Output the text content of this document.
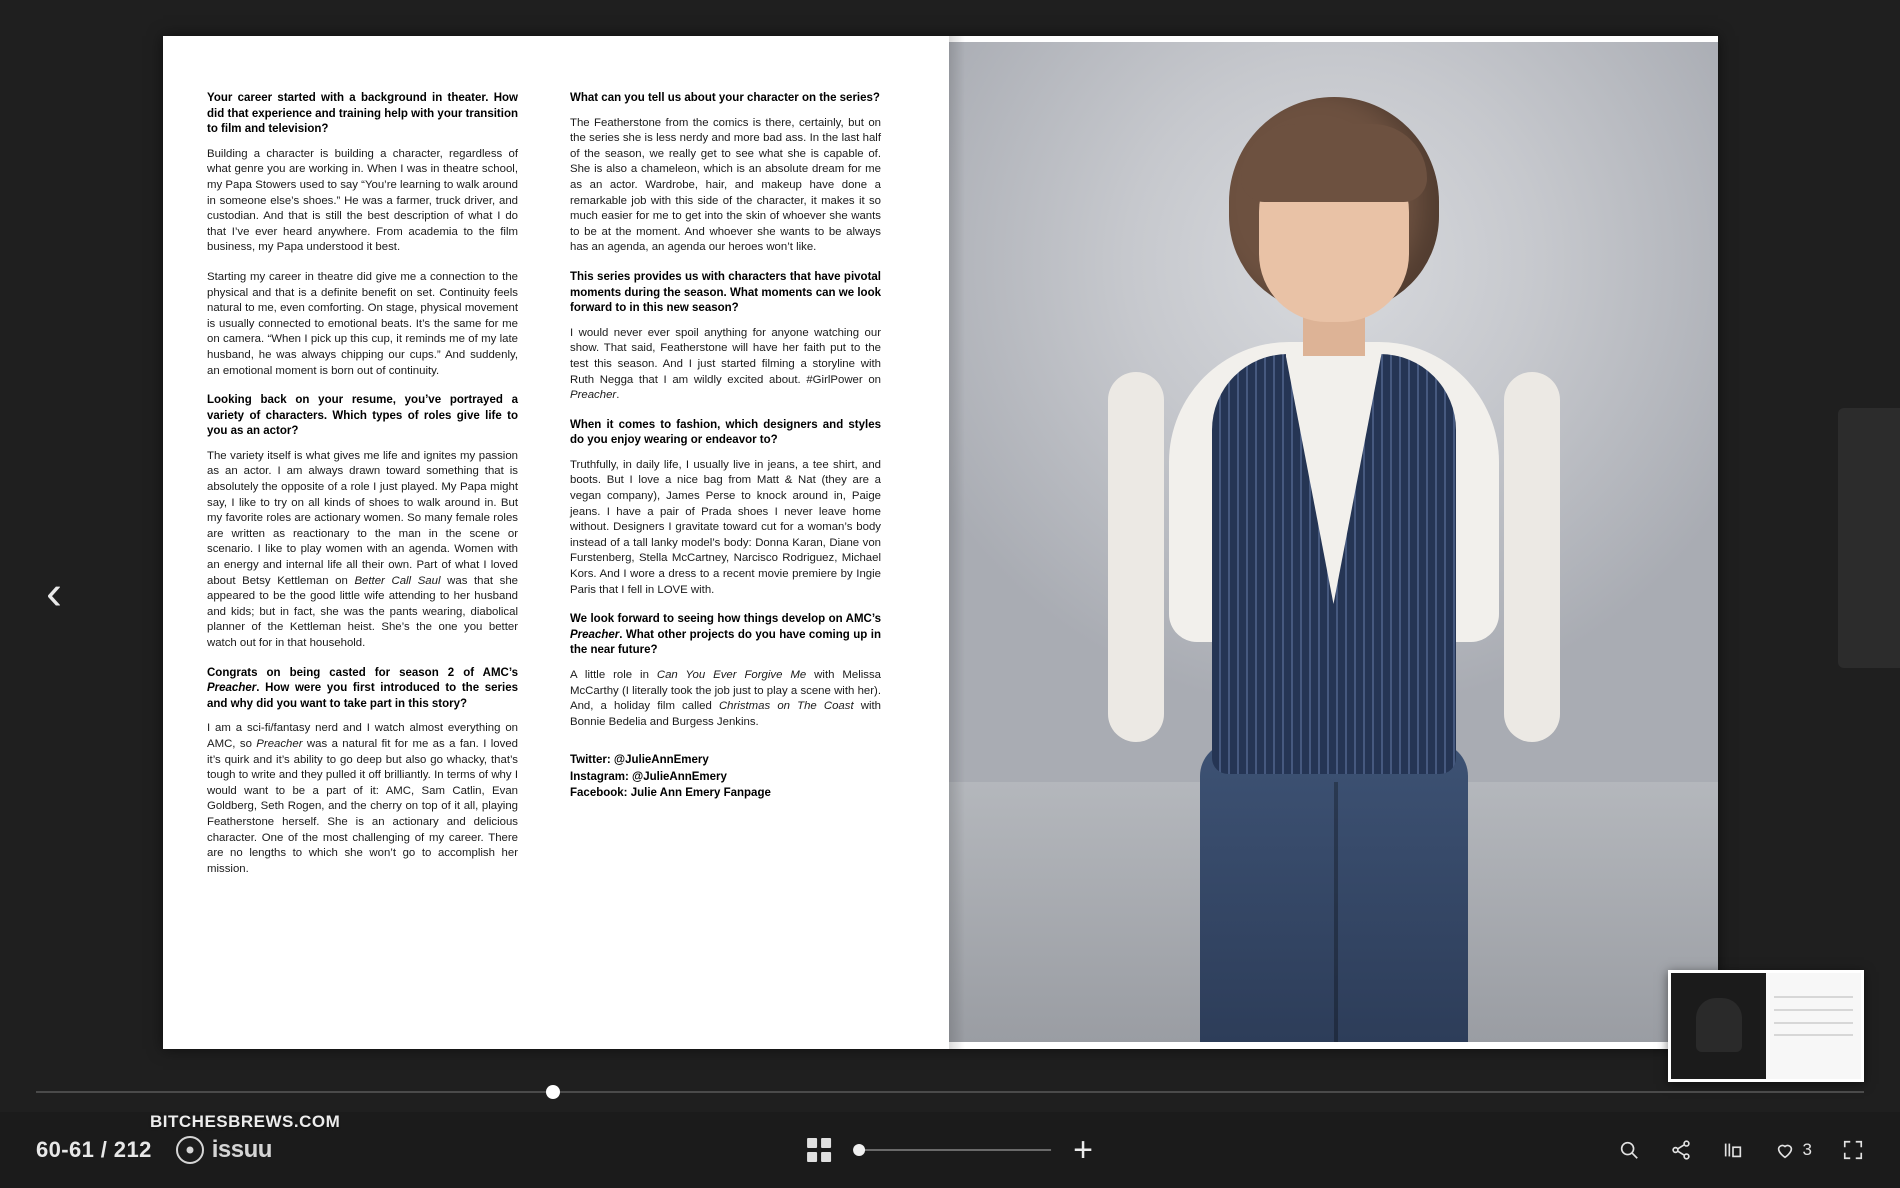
Your career started with a background in theater. How did that experience and training help with your transition to film and television?
Building a character is building a character, regardless of what genre you are working in. When I was in theatre school, my Papa Stowers used to say “You’re learning to walk around in someone else’s shoes.” He was a farmer, truck driver, and custodian. And that is still the best description of what I do that I’ve ever heard anywhere. From academia to the film business, my Papa understood it best.
Starting my career in theatre did give me a connection to the physical and that is a definite benefit on set. Continuity feels natural to me, even comforting. On stage, physical movement is usually connected to emotional beats. It’s the same for me on camera. “When I pick up this cup, it reminds me of my late husband, he was always chipping our cups.” And suddenly, an emotional moment is born out of continuity.
Looking back on your resume, you’ve portrayed a variety of characters. Which types of roles give life to you as an actor?
The variety itself is what gives me life and ignites my passion as an actor. I am always drawn toward something that is absolutely the opposite of a role I just played. My Papa might say, I like to try on all kinds of shoes to walk around in. But my favorite roles are actionary women. So many female roles are written as reactionary to the man in the scene or scenario. I like to play women with an agenda. Women with an energy and internal life all their own. Part of what I loved about Betsy Kettleman on Better Call Saul was that she appeared to be the good little wife attending to her husband and kids; but in fact, she was the pants wearing, diabolical planner of the Kettleman heist. She’s the one you better watch out for in that household.
Congrats on being casted for season 2 of AMC’s Preacher. How were you first introduced to the series and why did you want to take part in this story?
I am a sci-fi/fantasy nerd and I watch almost everything on AMC, so Preacher was a natural fit for me as a fan. I loved it’s quirk and it’s ability to go deep but also go whacky, that’s tough to write and they pulled it off brilliantly. In terms of why I would want to be a part of it: AMC, Sam Catlin, Evan Goldberg, Seth Rogen, and the cherry on top of it all, playing Featherstone herself. She is an actionary and delicious character. One of the most challenging of my career. There are no lengths to which she won’t go to accomplish her mission.
What can you tell us about your character on the series?
The Featherstone from the comics is there, certainly, but on the series she is less nerdy and more bad ass. In the last half of the season, we really get to see what she is capable of. She is also a chameleon, which is an absolute dream for me as an actor. Wardrobe, hair, and makeup have done a remarkable job with this side of the character, it makes it so much easier for me to get into the skin of whoever she wants to be at the moment. And whoever she wants to be always has an agenda, an agenda our heroes won’t like.
This series provides us with characters that have pivotal moments during the season. What moments can we look forward to in this new season?
I would never ever spoil anything for anyone watching our show. That said, Featherstone will have her faith put to the test this season. And I just started filming a storyline with Ruth Negga that I am wildly excited about. #GirlPower on Preacher.
When it comes to fashion, which designers and styles do you enjoy wearing or endeavor to?
Truthfully, in daily life, I usually live in jeans, a tee shirt, and boots. But I love a nice bag from Matt & Nat (they are a vegan company), James Perse to knock around in, Paige jeans. I have a pair of Prada shoes I never leave home without. Designers I gravitate toward cut for a woman’s body instead of a tall lanky model’s body: Donna Karan, Diane von Furstenberg, Stella McCartney, Narcisco Rodriguez, Michael Kors. And I wore a dress to a recent movie premiere by Ingie Paris that I fell in LOVE with.
We look forward to seeing how things develop on AMC’s Preacher. What other projects do you have coming up in the near future?
A little role in Can You Ever Forgive Me with Melissa McCarthy (I literally took the job just to play a scene with her). And, a holiday film called Christmas on The Coast with Bonnie Bedelia and Burgess Jenkins.
Twitter: @JulieAnnEmery
Instagram: @JulieAnnEmery
Facebook: Julie Ann Emery Fanpage
BITCHESBREWS.COM
‹
60-61 / 212	issuu	+	3
